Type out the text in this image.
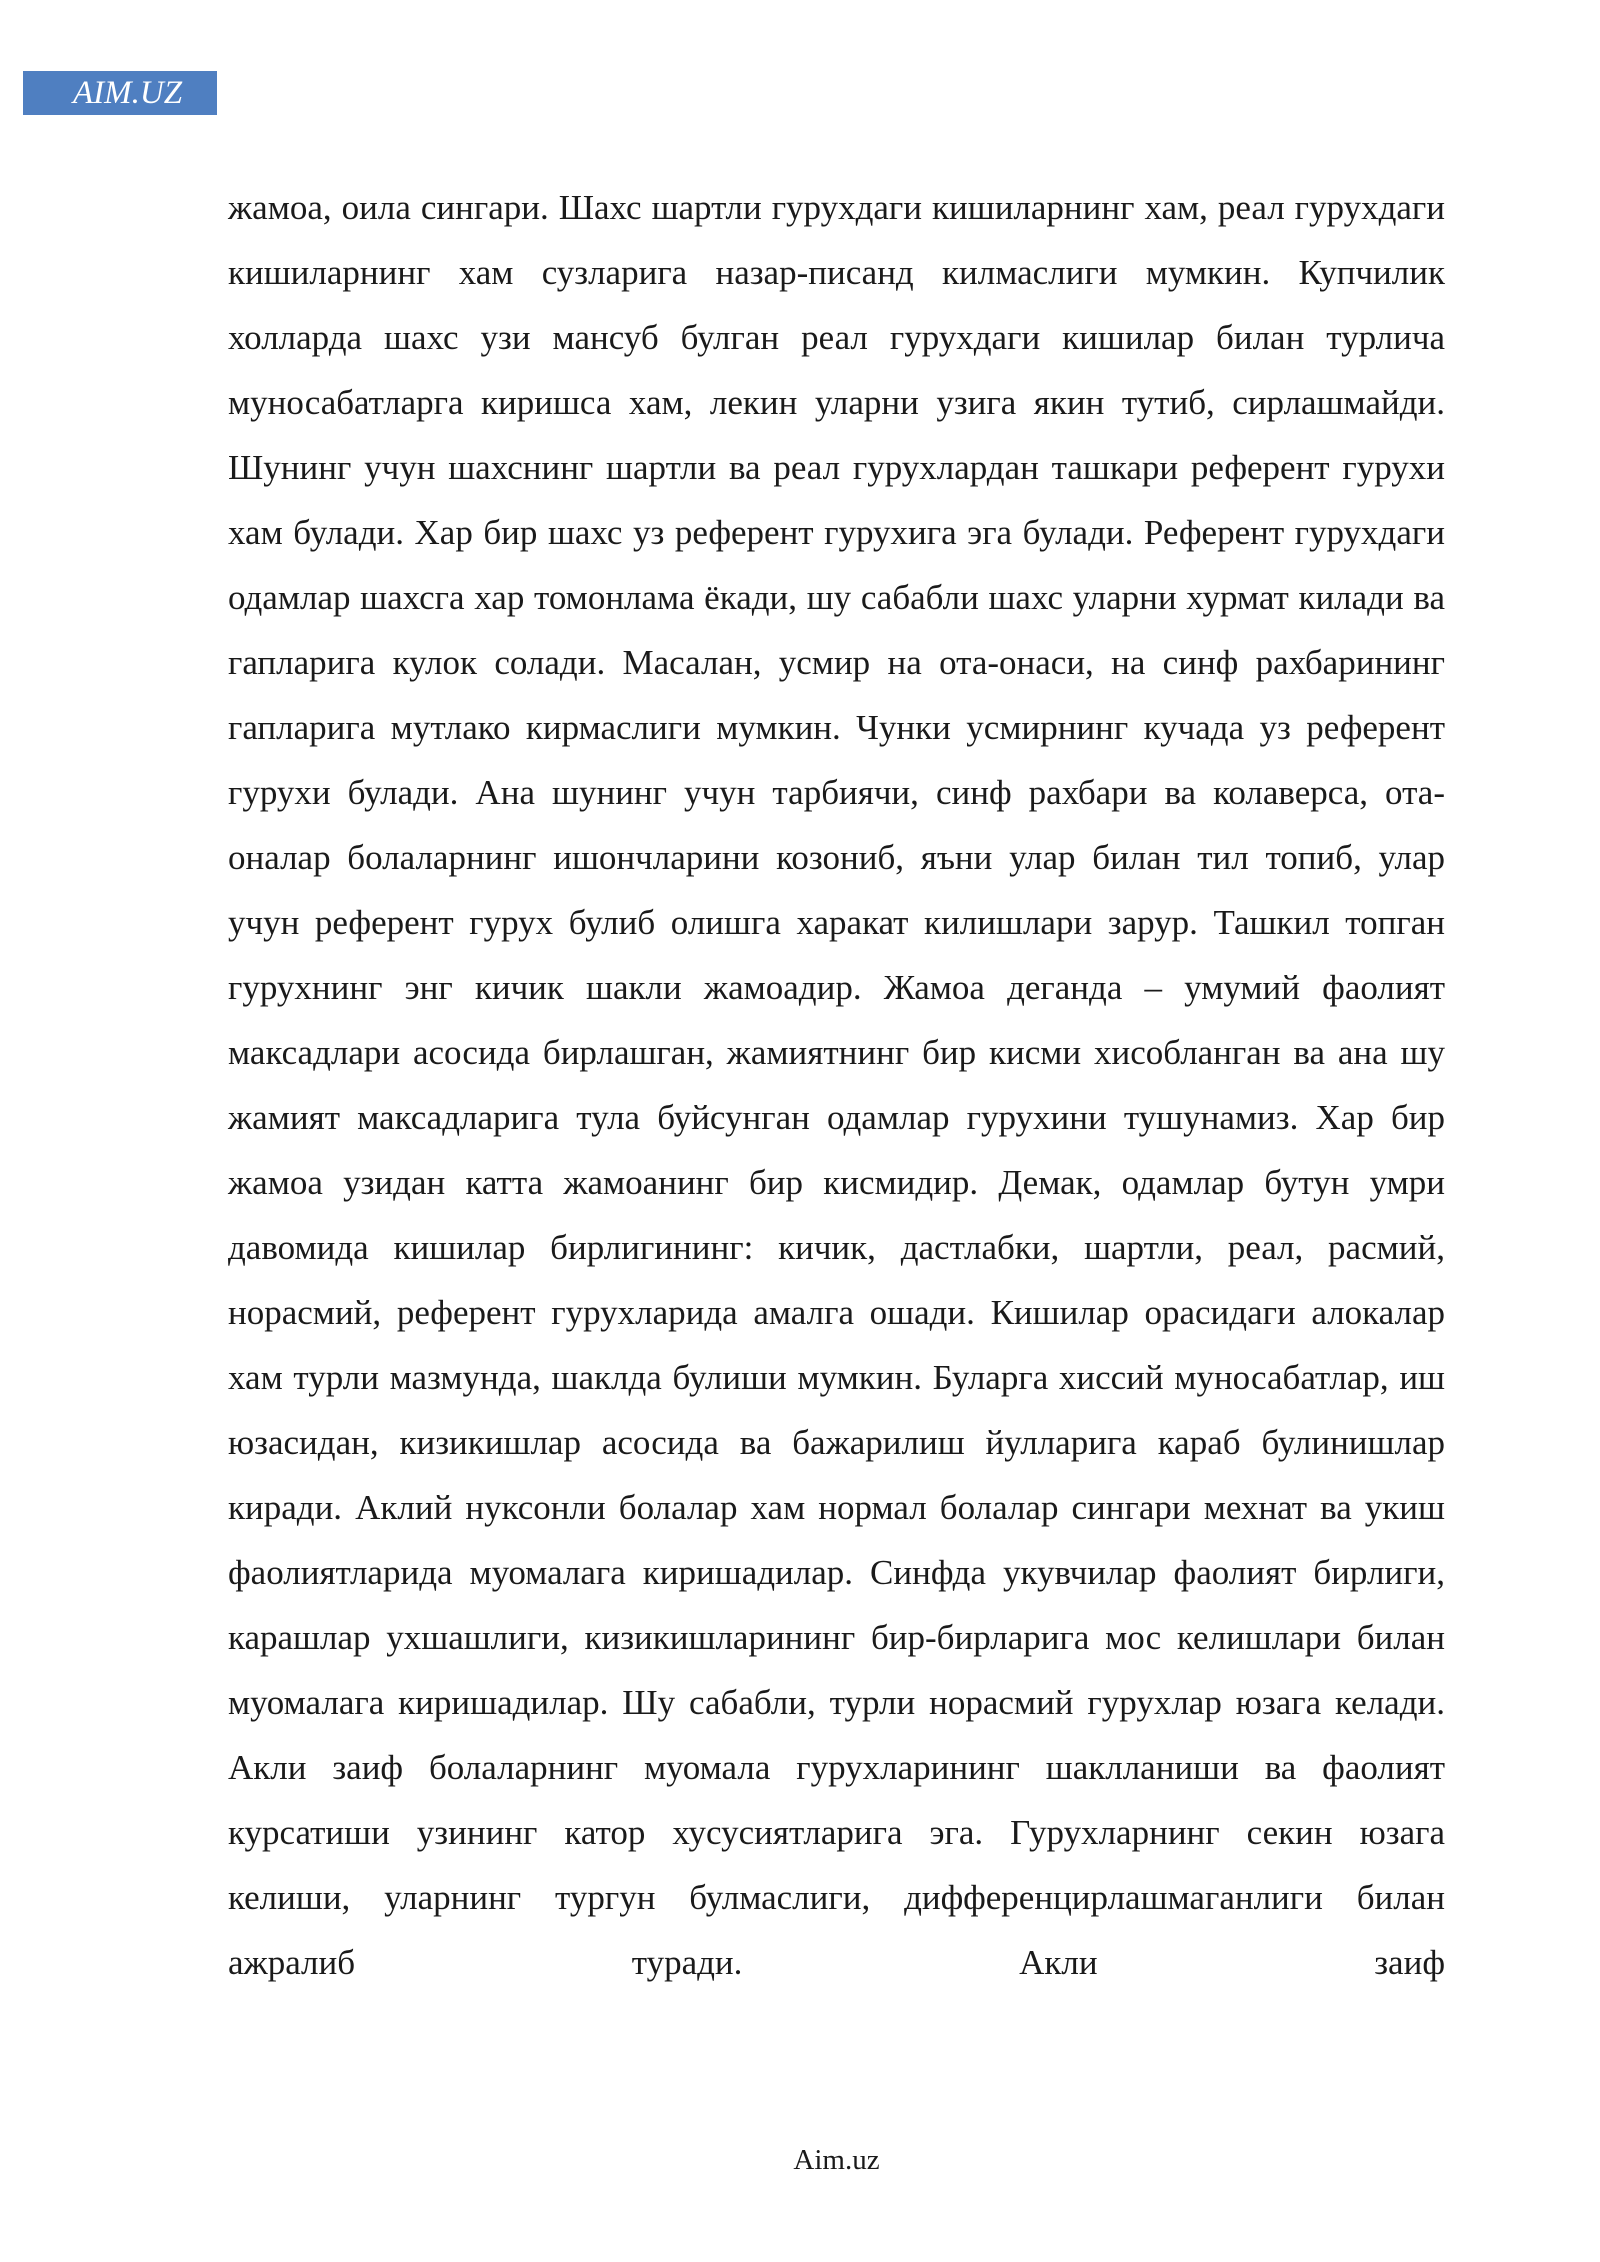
AIM.UZ

жамоа, оила сингари. Шахс шартли гурухдаги кишиларнинг хам, реал гурухдаги кишиларнинг хам сузларига назар-писанд килмаслиги мумкин. Купчилик холларда шахс узи мансуб булган реал гурухдаги кишилар билан турлича муносабатларга киришса хам, лекин уларни узига якин тутиб, сирлашмайди. Шунинг учун шахснинг шартли ва реал гурухлардан ташкари референт гурухи хам булади. Хар бир шахс уз референт гурухига эга булади. Референт гурухдаги одамлар шахсга хар томонлама ёкади, шу сабабли шахс уларни хурмат килади ва гапларига кулок солади. Масалан, усмир на ота-онаси, на синф рахбарининг гапларига мутлако кирмаслиги мумкин. Чунки усмирнинг кучада уз референт гурухи булади. Ана шунинг учун тарбиячи, синф рахбари ва колаверса, ота-оналар болаларнинг ишончларини козониб, яъни улар билан тил топиб, улар учун референт гурух булиб олишга харакат килишлари зарур. Ташкил топган гурухнинг энг кичик шакли жамоадир. Жамоа деганда – умумий фаолият максадлари асосида бирлашган, жамиятнинг бир кисми хисобланган ва ана шу жамият максадларига тула буйсунган одамлар гурухини тушунамиз. Хар бир жамоа узидан катта жамоанинг бир кисмидир. Демак, одамлар бутун умри давомида кишилар бирлигининг: кичик, дастлабки, шартли, реал, расмий, норасмий, референт гурухларида амалга ошади. Кишилар орасидаги алокалар хам турли мазмунда, шаклда булиши мумкин. Буларга хиссий муносабатлар, иш юзасидан, кизикишлар асосида ва бажарилиш йулларига караб булинишлар киради. Аклий нуксонли болалар хам нормал болалар сингари мехнат ва укиш фаолиятларида муомалага киришадилар. Синфда укувчилар фаолият бирлиги, карашлар ухшашлиги, кизикишларининг бир-бирларига мос келишлари билан муомалага киришадилар. Шу сабабли, турли норасмий гурухлар юзага келади. Акли заиф болаларнинг муомала гурухларининг шаклланиши ва фаолият курсатиши узининг катор хусусиятларига эга. Гурухларнинг секин юзага келиши, уларнинг тургун булмаслиги, дифференцирлашмаганлиги билан ажралиб туради. Акли заиф

Aim.uz
